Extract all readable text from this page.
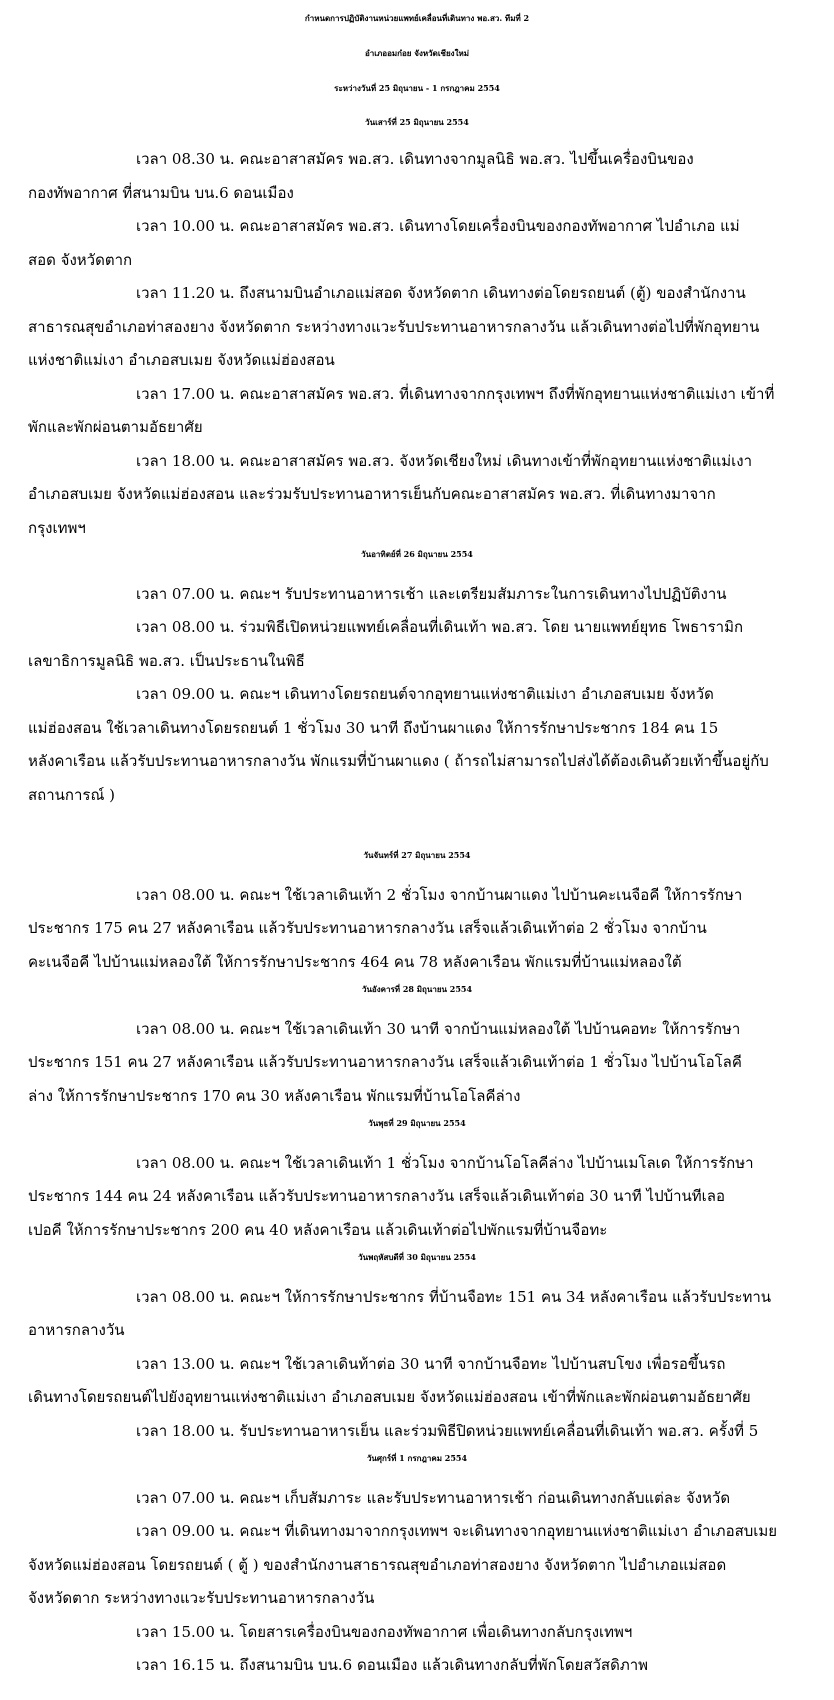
กำหนดการปฏิบัติงานหน่วยแพทย์เคลื่อนที่เดินทาง พอ.สว. ทีมที่ 2
อำเภออมก๋อย จังหวัดเชียงใหม่
ระหว่างวันที่ 25 มิถุนายน - 1 กรกฎาคม 2554
วันเสาร์ที่ 25 มิถุนายน 2554
เวลา 08.30 น. คณะอาสาสมัคร พอ.สว. เดินทางจากมูลนิธิ พอ.สว. ไปขึ้นเครื่องบินของ
กองทัพอากาศ ที่สนามบิน บน.6 ดอนเมือง
เวลา 10.00 น. คณะอาสาสมัคร พอ.สว. เดินทางโดยเครื่องบินของกองทัพอากาศ ไปอำเภอ แม่
สอด จังหวัดตาก
เวลา 11.20 น. ถึงสนามบินอำเภอแม่สอด จังหวัดตาก เดินทางต่อโดยรถยนต์ (ตู้) ของสำนักงาน
สาธารณสุขอำเภอท่าสองยาง จังหวัดตาก ระหว่างทางแวะรับประทานอาหารกลางวัน แล้วเดินทางต่อไปที่พักอุทยาน
แห่งชาติแม่เงา อำเภอสบเมย จังหวัดแม่ฮ่องสอน
เวลา 17.00 น. คณะอาสาสมัคร พอ.สว. ที่เดินทางจากกรุงเทพฯ ถึงที่พักอุทยานแห่งชาติแม่เงา เข้าที่
พักและพักผ่อนตามอัธยาศัย
เวลา 18.00 น. คณะอาสาสมัคร พอ.สว. จังหวัดเชียงใหม่ เดินทางเข้าที่พักอุทยานแห่งชาติแม่เงา
อำเภอสบเมย จังหวัดแม่ฮ่องสอน และร่วมรับประทานอาหารเย็นกับคณะอาสาสมัคร พอ.สว. ที่เดินทางมาจาก
กรุงเทพฯ
วันอาทิตย์ที่ 26 มิถุนายน 2554
เวลา 07.00 น. คณะฯ รับประทานอาหารเช้า และเตรียมสัมภาระในการเดินทางไปปฏิบัติงาน
เวลา 08.00 น. ร่วมพิธีเปิดหน่วยแพทย์เคลื่อนที่เดินเท้า พอ.สว. โดย นายแพทย์ยุทธ โพธารามิก
เลขาธิการมูลนิธิ พอ.สว. เป็นประธานในพิธี
เวลา 09.00 น. คณะฯ เดินทางโดยรถยนต์จากอุทยานแห่งชาติแม่เงา อำเภอสบเมย จังหวัด
แม่ฮ่องสอน ใช้เวลาเดินทางโดยรถยนต์ 1 ชั่วโมง 30 นาที ถึงบ้านผาแดง ให้การรักษาประชากร 184 คน 15
หลังคาเรือน แล้วรับประทานอาหารกลางวัน พักแรมที่บ้านผาแดง ( ถ้ารถไม่สามารถไปส่งได้ต้องเดินด้วยเท้าขึ้นอยู่กับ
สถานการณ์ )
วันจันทร์ที่ 27 มิถุนายน 2554
เวลา 08.00 น. คณะฯ ใช้เวลาเดินเท้า 2 ชั่วโมง จากบ้านผาแดง ไปบ้านคะเนจือคี ให้การรักษา
ประชากร 175 คน 27 หลังคาเรือน แล้วรับประทานอาหารกลางวัน เสร็จแล้วเดินเท้าต่อ 2 ชั่วโมง จากบ้าน
คะเนจือคี ไปบ้านแม่หลองใต้ ให้การรักษาประชากร 464 คน 78 หลังคาเรือน พักแรมที่บ้านแม่หลองใต้
วันอังคารที่ 28 มิถุนายน 2554
เวลา 08.00 น. คณะฯ ใช้เวลาเดินเท้า 30 นาที จากบ้านแม่หลองใต้ ไปบ้านคอทะ ให้การรักษา
ประชากร 151 คน 27 หลังคาเรือน แล้วรับประทานอาหารกลางวัน เสร็จแล้วเดินเท้าต่อ 1 ชั่วโมง ไปบ้านโอโลคี
ล่าง ให้การรักษาประชากร 170 คน 30 หลังคาเรือน พักแรมที่บ้านโอโลคีล่าง
วันพุธที่ 29 มิถุนายน 2554
เวลา 08.00 น. คณะฯ ใช้เวลาเดินเท้า 1 ชั่วโมง จากบ้านโอโลคีล่าง ไปบ้านเมโลเด ให้การรักษา
ประชากร 144 คน 24 หลังคาเรือน แล้วรับประทานอาหารกลางวัน เสร็จแล้วเดินเท้าต่อ 30 นาที ไปบ้านทีเลอ
เปอคี ให้การรักษาประชากร 200 คน 40 หลังคาเรือน แล้วเดินเท้าต่อไปพักแรมที่บ้านจือทะ
วันพฤหัสบดีที่ 30 มิถุนายน 2554
เวลา 08.00 น. คณะฯ ให้การรักษาประชากร ที่บ้านจือทะ 151 คน 34 หลังคาเรือน แล้วรับประทาน
อาหารกลางวัน
เวลา 13.00 น. คณะฯ ใช้เวลาเดินท้าต่อ 30 นาที จากบ้านจือทะ ไปบ้านสบโขง เพื่อรอขึ้นรถ
เดินทางโดยรถยนต์ไปยังอุทยานแห่งชาติแม่เงา อำเภอสบเมย จังหวัดแม่ฮ่องสอน เข้าที่พักและพักผ่อนตามอัธยาศัย
เวลา 18.00 น. รับประทานอาหารเย็น และร่วมพิธีปิดหน่วยแพทย์เคลื่อนที่เดินเท้า พอ.สว. ครั้งที่ 5
วันศุกร์ที่ 1 กรกฎาคม 2554
เวลา 07.00 น. คณะฯ เก็บสัมภาระ และรับประทานอาหารเช้า ก่อนเดินทางกลับแต่ละ จังหวัด
เวลา 09.00 น. คณะฯ ที่เดินทางมาจากกรุงเทพฯ จะเดินทางจากอุทยานแห่งชาติแม่เงา อำเภอสบเมย
จังหวัดแม่ฮ่องสอน โดยรถยนต์ ( ตู้ ) ของสำนักงานสาธารณสุขอำเภอท่าสองยาง จังหวัดตาก ไปอำเภอแม่สอด
จังหวัดตาก ระหว่างทางแวะรับประทานอาหารกลางวัน
เวลา 15.00 น. โดยสารเครื่องบินของกองทัพอากาศ เพื่อเดินทางกลับกรุงเทพฯ
เวลา 16.15 น. ถึงสนามบิน บน.6 ดอนเมือง แล้วเดินทางกลับที่พักโดยสวัสดิภาพ
